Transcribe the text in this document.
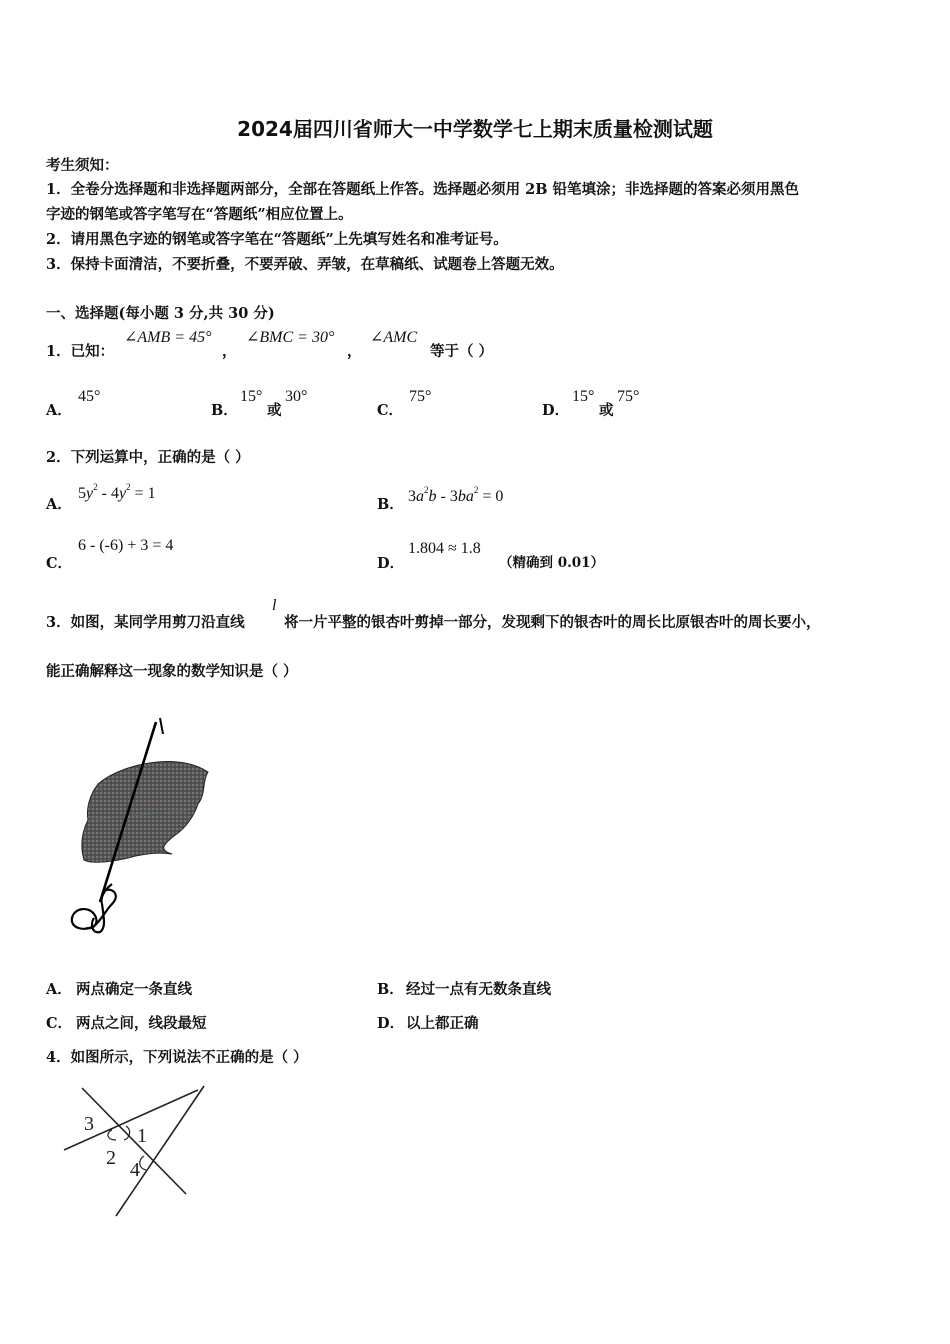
2024届四川省师大一中学数学七上期末质量检测试题
考生须知：
1．全卷分选择题和非选择题两部分，全部在答题纸上作答。选择题必须用 2B 铅笔填涂；非选择题的答案必须用黑色
字迹的钢笔或答字笔写在“答题纸”相应位置上。
2．请用黑色字迹的钢笔或答字笔在“答题纸”上先填写姓名和准考证号。
3．保持卡面清洁，不要折叠，不要弄破、弄皱，在草稿纸、试题卷上答题无效。
一、选择题(每小题 3 分,共 30 分)
1．已知：
∠AMB = 45°
，
∠BMC = 30°
，
∠AMC
等于（ ）
A．
45°
B．
15°
或
30°
C．
75°
D．
15°
或
75°
2．下列运算中，正确的是（ ）
A．
$5y^2 - 4y^2 = 1$
B． $3a^2b - 3ba^2 = 0$
C．
6 - (-6) + 3 = 4
D．
1.804 ≈ 1.8
（精确到 0.01）
3．如图，某同学用剪刀沿直线
l
将一片平整的银杏叶剪掉一部分，发现剩下的银杏叶的周长比原银杏叶的周长要小，
能正确解释这一现象的数学知识是（ ）
A． 两点确定一条直线	B． 经过一点有无数条直线
C． 两点之间，线段最短	D． 以上都正确
4．如图所示，下列说法不正确的是（ ）
3
1
2
4
